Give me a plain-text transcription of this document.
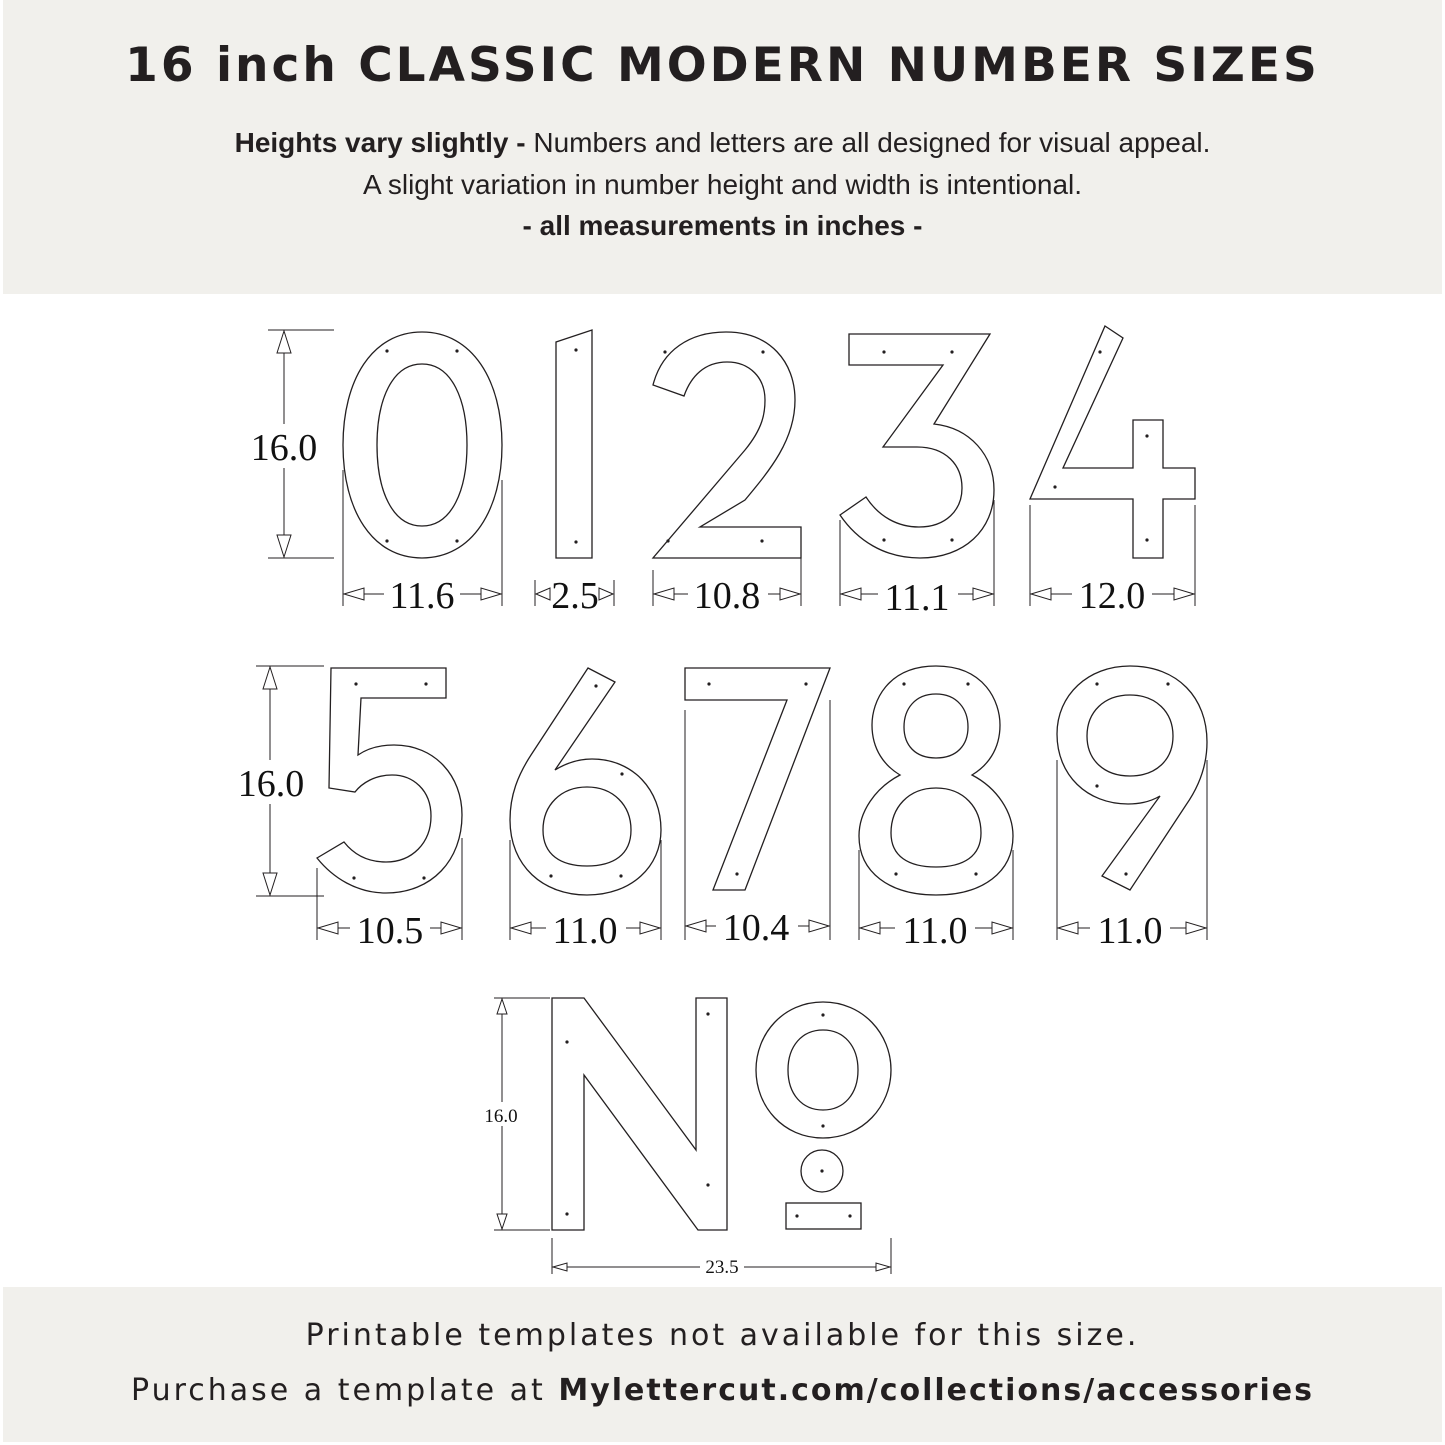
16 inch CLASSIC MODERN NUMBER SIZES
Heights vary slightly - Numbers and letters are all designed for visual appeal.
A slight variation in number height and width is intentional.
- all measurements in inches -
16.0
11.6	2.5	10.8	11.1	12.0
16.0
10.5	11.0	10.4	11.0	11.0
16.0
23.5
Printable templates not available for this size.
Purchase a template at Mylettercut.com/collections/accessories
